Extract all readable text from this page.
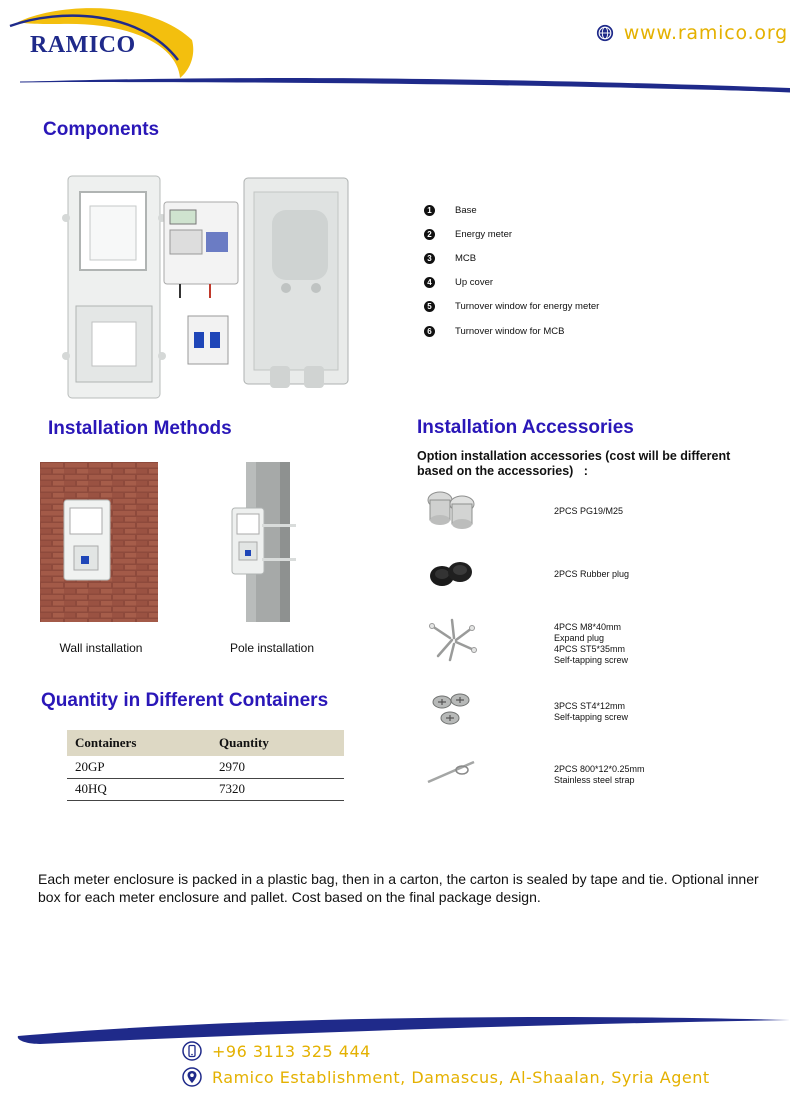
RAMICO	www.ramico.org
Components
1	Base
2	Energy meter
3	MCB
4	Up cover
5	Turnover window for energy meter
6	Turnover window for MCB
Installation Methods
Wall installation	Pole installation
Installation Accessories
Option installation accessories (cost will be different based on the accessories)   :
2PCS PG19/M25
2PCS Rubber plug
4PCS M8*40mm
Expand plug
4PCS ST5*35mm
Self-tapping screw
3PCS ST4*12mm
Self-tapping screw
2PCS 800*12*0.25mm
Stainless steel strap
Quantity in Different Containers
Containers	Quantity
20GP	2970
40HQ	7320
Each meter enclosure is packed in a plastic bag, then in a carton, the carton is sealed by tape and tie. Optional inner box for each meter enclosure and pallet. Cost based on the final package design.
+96 3113 325 444
Ramico Establishment, Damascus, Al-Shaalan, Syria Agent
